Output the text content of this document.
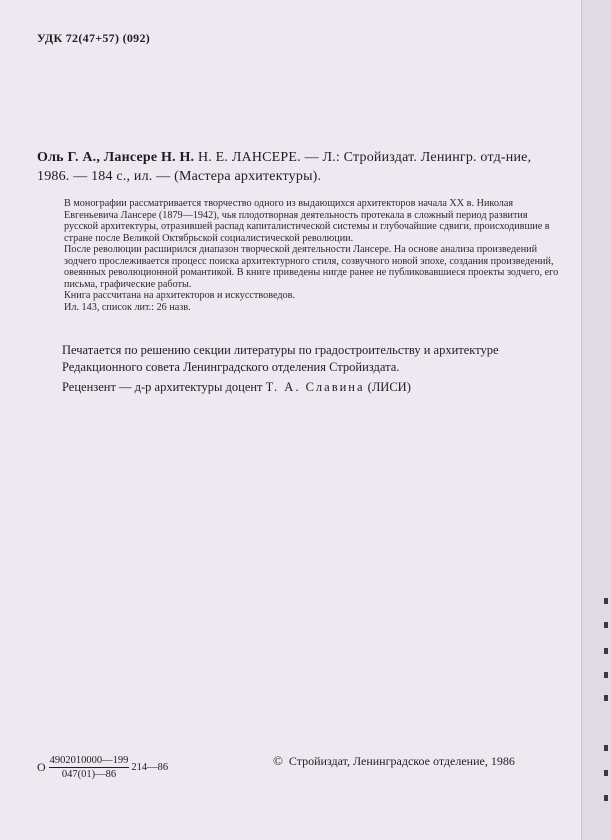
УДК 72(47+57) (092)
Оль Г. А., Лансере Н. Н. Н. Е. ЛАНСЕРЕ. — Л.: Стройиздат. Ленингр. отд-ние, 1986. — 184 с., ил. — (Мастера архитектуры).

В монографии рассматривается творчество одного из выдающихся архитекторов начала XX в. Николая Евгеньевича Лансере (1879—1942), чья плодотворная деятельность протекала в сложный период развития русской архитектуры, отразившей распад капиталистической системы и глубочайшие сдвиги, происходившие в стране после Великой Октябрьской социалистической революции.

После революции расширился диапазон творческой деятельности Лансере. На основе анализа произведений зодчего прослеживается процесс поиска архитектурного стиля, созвучного новой эпохе, создания произведений, овеянных революционной романтикой. В книге приведены нигде ранее не публиковавшиеся проекты зодчего, его письма, графические работы.

Книга рассчитана на архитекторов и искусствоведов.

Ил. 143, список лит.: 26 назв.

Печатается по решению секции литературы по градостроительству и архитектуре Редакционного совета Ленинградского отделения Стройиздата.

Рецензент — д-р архитектуры доцент Т. А. Славина (ЛИСИ)
О $\frac{4902010000—199}{047(01)—86}$ 214—86	© Стройиздат, Ленинградское отделение, 1986
